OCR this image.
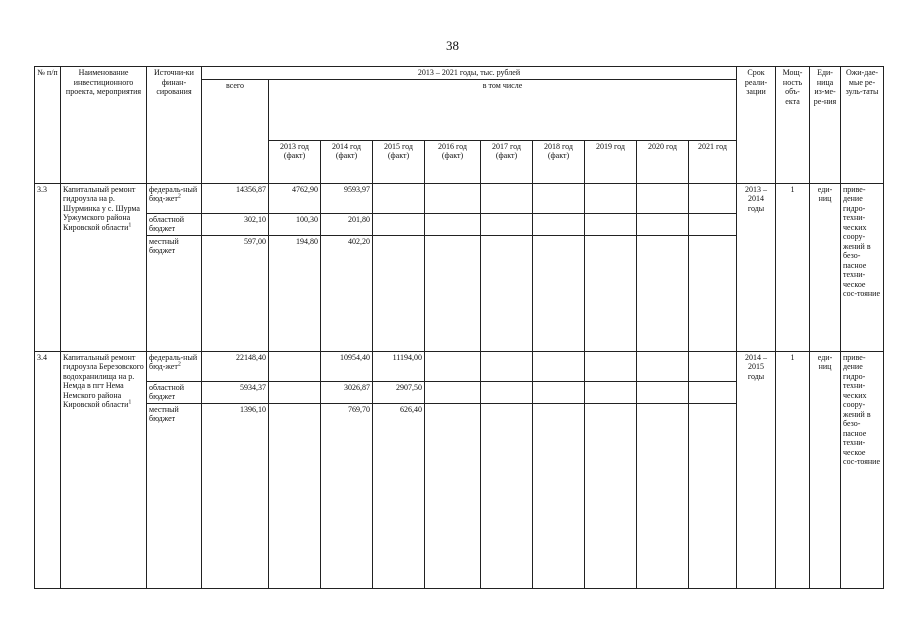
38
№ п/п	Наименование инвестиционного проекта, мероприятия	Источни-ки финан-сирования	2013 – 2021 годы, тыс. рублей										Срок реали-зации	Мощ-ность объ-екта	Еди-ница из-ме-ре-ния	Ожи-дае-мые ре-зуль-таты
			всего	в том числе												
				2013 год (факт)	2014 год (факт)	2015 год (факт)	2016 год (факт)	2017 год (факт)	2018 год (факт)	2019 год	2020 год	2021 год				
3.3	Капитальный ремонт гидроузла на р. Шурминка у с. Шурма Уржумского района Кировской области$^1$	федераль-ный бюд-жет$^2$	14356,87	4762,90	9593,97								2013 – 2014 годы	1	еди-ниц	приве-дение гидро-техни-ческих соору-жений в безо-пасное техни-ческое сос-тояние
		областной бюджет	302,10	100,30	201,80											
		местный бюджет	597,00	194,80	402,20											
3.4	Капитальный ремонт гидроузла Березовского водохранилища на р. Немда в пгт Нема Немского района Кировской области$^1$	федераль-ный бюд-жет$^2$	22148,40		10954,40	11194,00							2014 – 2015 годы	1	еди-ниц	приве-дение гидро-техни-ческих соору-жений в безо-пасное техни-ческое сос-тояние
		областной бюджет	5934,37		3026,87	2907,50										
		местный бюджет	1396,10		769,70	626,40										
